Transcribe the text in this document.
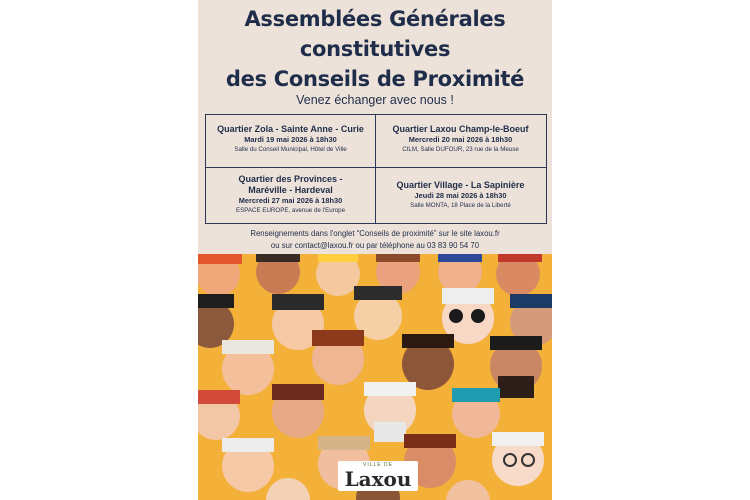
Assemblées Générales
constitutives
des Conseils de Proximité
Venez échanger avec nous !
Quartier Zola - Sainte Anne - Curie
Mardi 19 mai 2026 à 18h30
Salle du Conseil Municipal, Hôtel de Ville
Quartier Laxou Champ-le-Boeuf
Mercredi 20 mai 2026 à 18h30
CILM, Salle DUFOUR, 23 rue de la Meuse
Quartier des Provinces -
Maréville - Hardeval
Mercredi 27 mai 2026 à 18h30
ESPACE EUROPE, avenue de l'Europe
Quartier Village - La Sapinière
Jeudi 28 mai 2026 à 18h30
Salle MONTA, 18 Place de la Liberté
Renseignements dans l'onglet “Conseils de proximité” sur le site laxou.fr
ou sur contact@laxou.fr ou par téléphone au 03 83 90 54 70
VILLE DE
Laxou
